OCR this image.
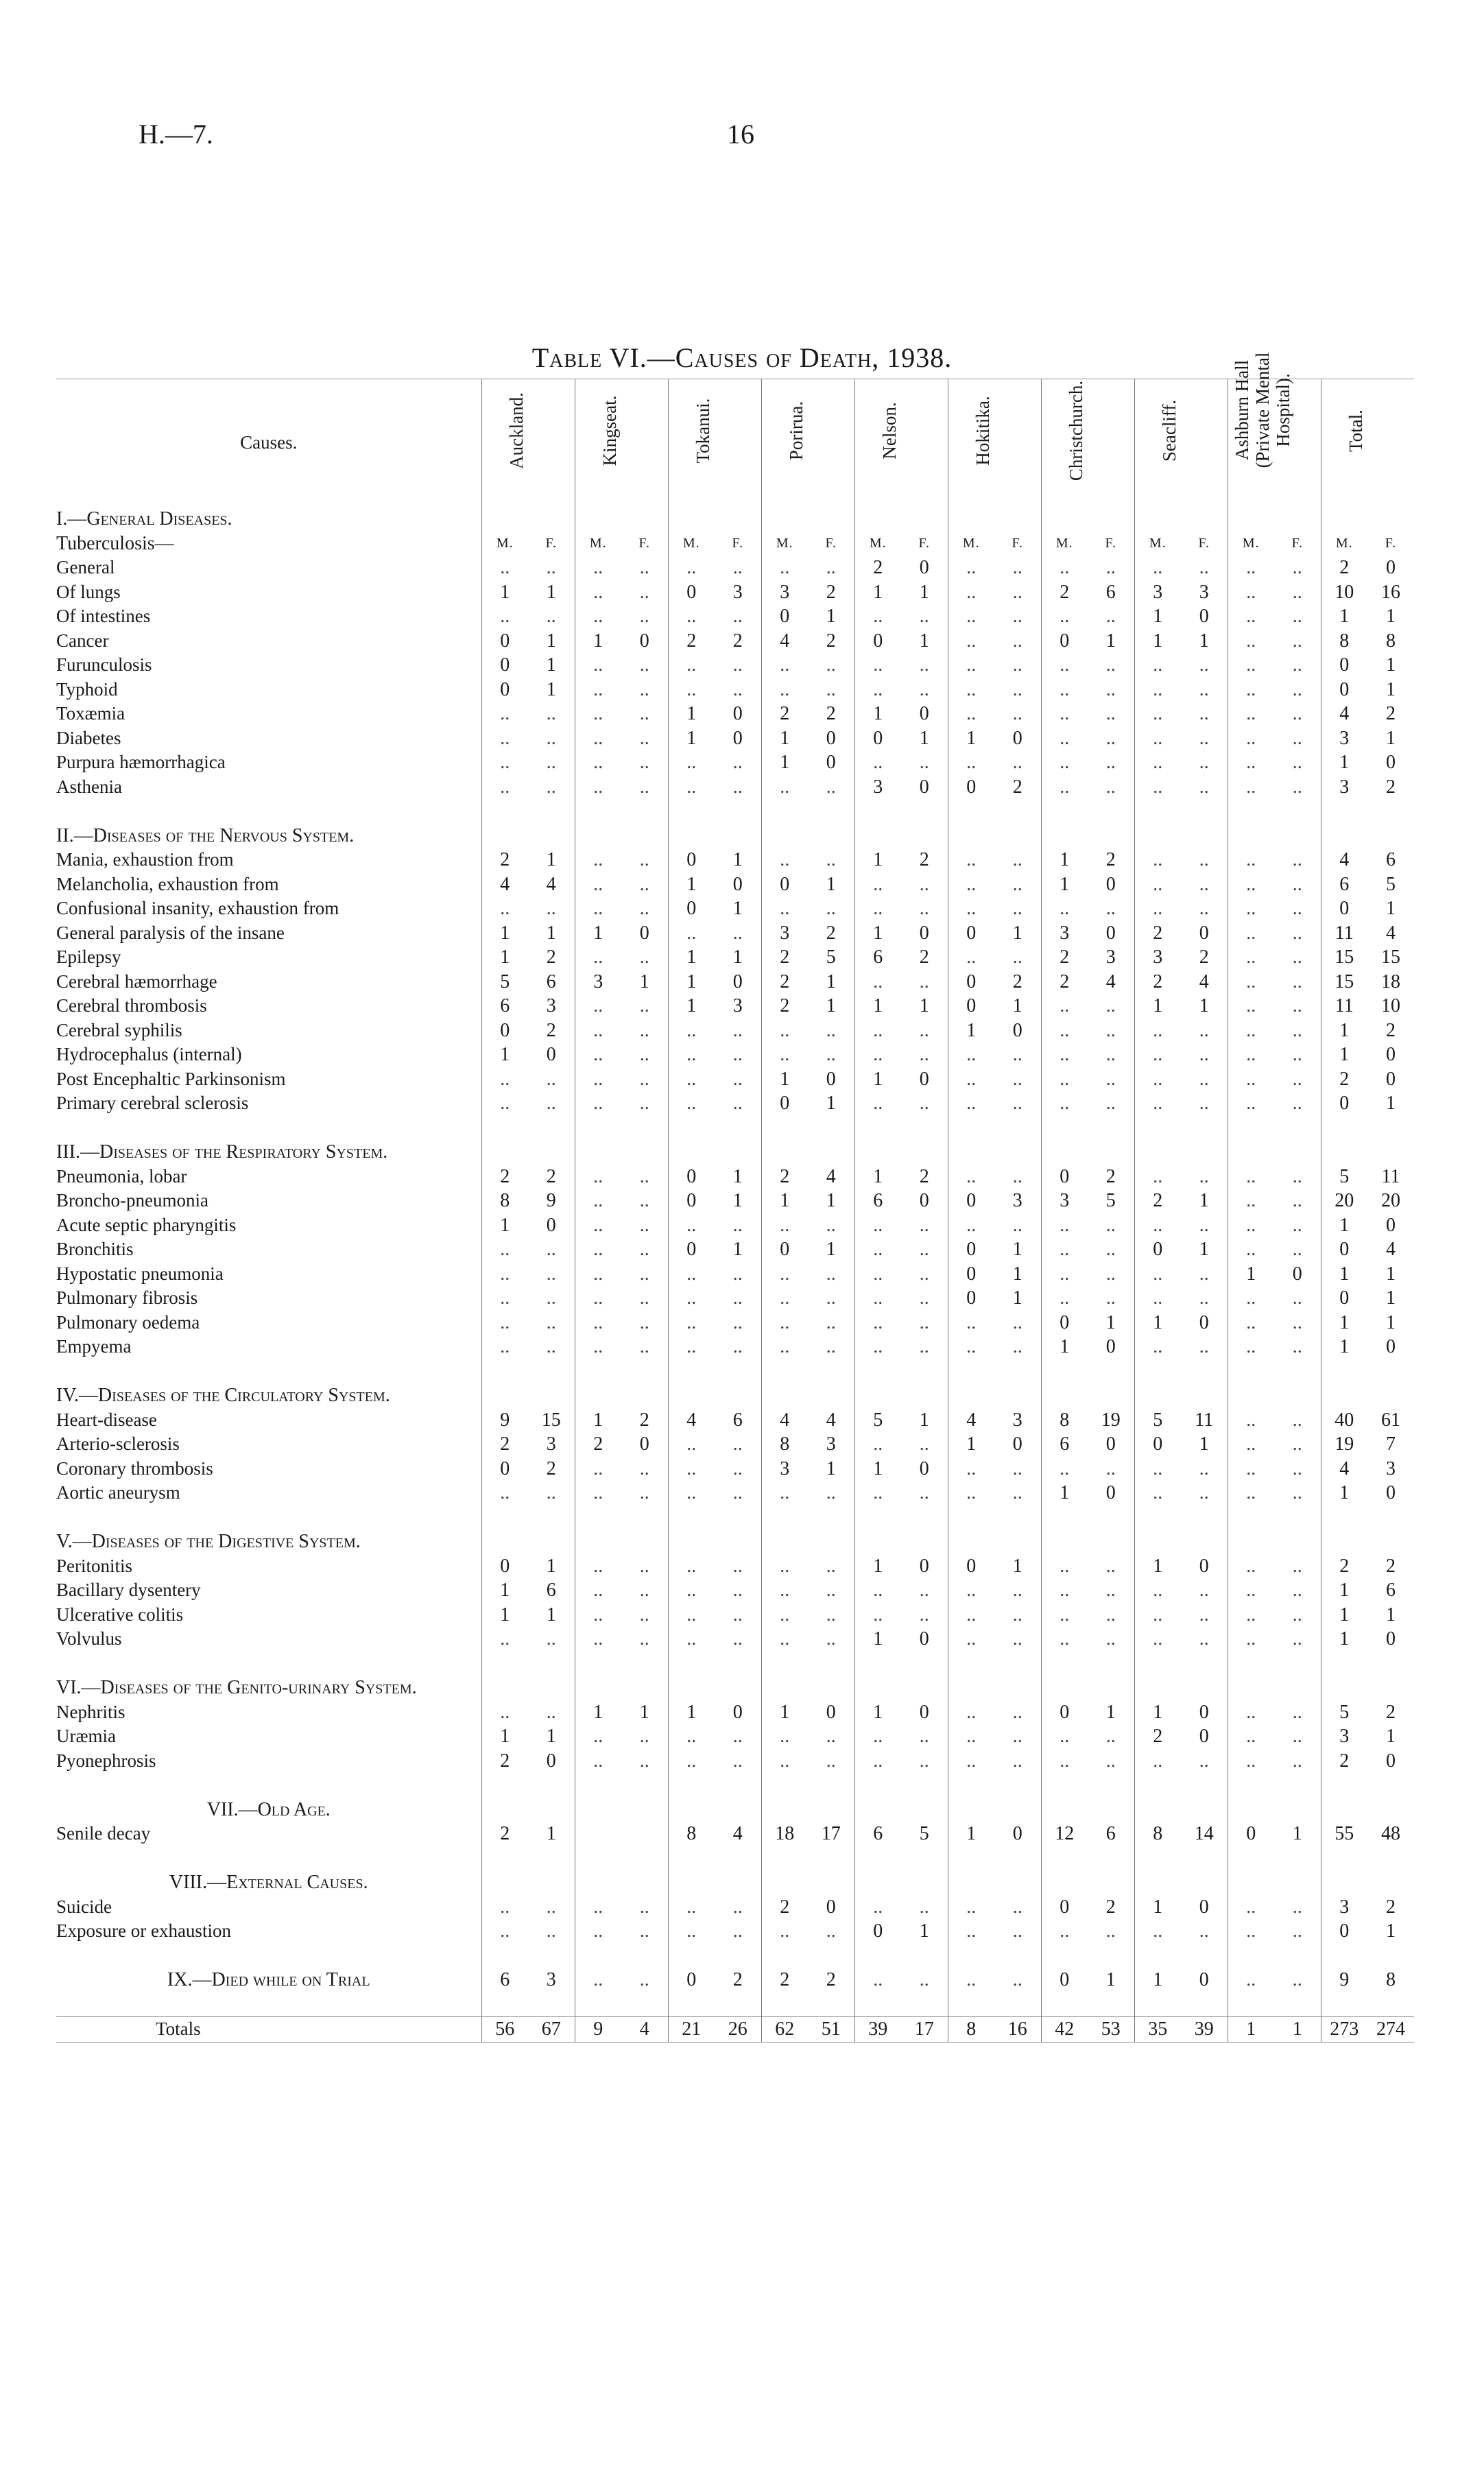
H.—7.	16
Table VI.—Causes of Death, 1938.
Causes.	Auckland.		Kingseat.		Tokanui.		Porirua.		Nelson.		Hokitika.		Christchurch.		Seacliff.		Ashburn Hall (Private Mental Hospital).		Total.	
I.—General Diseases.																				
Tuberculosis—	M.	F.	M.	F.	M.	F.	M.	F.	M.	F.	M.	F.	M.	F.	M.	F.	M.	F.	M.	F.
General	..	..	..	..	..	..	..	..	2	0	..	..	..	..	..	..	..	..	2	0
Of lungs	1	1	..	..	0	3	3	2	1	1	..	..	2	6	3	3	..	..	10	16
Of intestines	..	..	..	..	..	..	0	1	..	..	..	..	..	..	1	0	..	..	1	1
Cancer	0	1	1	0	2	2	4	2	0	1	..	..	0	1	1	1	..	..	8	8
Furunculosis	0	1	..	..	..	..	..	..	..	..	..	..	..	..	..	..	..	..	0	1
Typhoid	0	1	..	..	..	..	..	..	..	..	..	..	..	..	..	..	..	..	0	1
Toxæmia	..	..	..	..	1	0	2	2	1	0	..	..	..	..	..	..	..	..	4	2
Diabetes	..	..	..	..	1	0	1	0	0	1	1	0	..	..	..	..	..	..	3	1
Purpura hæmorrhagica	..	..	..	..	..	..	1	0	..	..	..	..	..	..	..	..	..	..	1	0
Asthenia	..	..	..	..	..	..	..	..	3	0	0	2	..	..	..	..	..	..	3	2

II.—Diseases of the Nervous System.																				
Mania, exhaustion from	2	1	..	..	0	1	..	..	1	2	..	..	1	2	..	..	..	..	4	6
Melancholia, exhaustion from	4	4	..	..	1	0	0	1	..	..	..	..	1	0	..	..	..	..	6	5
Confusional insanity, exhaustion from	..	..	..	..	0	1	..	..	..	..	..	..	..	..	..	..	..	..	0	1
General paralysis of the insane	1	1	1	0	..	..	3	2	1	0	0	1	3	0	2	0	..	..	11	4
Epilepsy	1	2	..	..	1	1	2	5	6	2	..	..	2	3	3	2	..	..	15	15
Cerebral hæmorrhage	5	6	3	1	1	0	2	1	..	..	0	2	2	4	2	4	..	..	15	18
Cerebral thrombosis	6	3	..	..	1	3	2	1	1	1	0	1	..	..	1	1	..	..	11	10
Cerebral syphilis	0	2	..	..	..	..	..	..	..	..	1	0	..	..	..	..	..	..	1	2
Hydrocephalus (internal)	1	0	..	..	..	..	..	..	..	..	..	..	..	..	..	..	..	..	1	0
Post Encephaltic Parkinsonism	..	..	..	..	..	..	1	0	1	0	..	..	..	..	..	..	..	..	2	0
Primary cerebral sclerosis	..	..	..	..	..	..	0	1	..	..	..	..	..	..	..	..	..	..	0	1

III.—Diseases of the Respiratory System.																				
Pneumonia, lobar	2	2	..	..	0	1	2	4	1	2	..	..	0	2	..	..	..	..	5	11
Broncho-pneumonia	8	9	..	..	0	1	1	1	6	0	0	3	3	5	2	1	..	..	20	20
Acute septic pharyngitis	1	0	..	..	..	..	..	..	..	..	..	..	..	..	..	..	..	..	1	0
Bronchitis	..	..	..	..	0	1	0	1	..	..	0	1	..	..	0	1	..	..	0	4
Hypostatic pneumonia	..	..	..	..	..	..	..	..	..	..	0	1	..	..	..	..	1	0	1	1
Pulmonary fibrosis	..	..	..	..	..	..	..	..	..	..	0	1	..	..	..	..	..	..	0	1
Pulmonary oedema	..	..	..	..	..	..	..	..	..	..	..	..	0	1	1	0	..	..	1	1
Empyema	..	..	..	..	..	..	..	..	..	..	..	..	1	0	..	..	..	..	1	0

IV.—Diseases of the Circulatory System.																				
Heart-disease	9	15	1	2	4	6	4	4	5	1	4	3	8	19	5	11	..	..	40	61
Arterio-sclerosis	2	3	2	0	..	..	8	3	..	..	1	0	6	0	0	1	..	..	19	7
Coronary thrombosis	0	2	..	..	..	..	3	1	1	0	..	..	..	..	..	..	..	..	4	3
Aortic aneurysm	..	..	..	..	..	..	..	..	..	..	..	..	1	0	..	..	..	..	1	0

V.—Diseases of the Digestive System.																				
Peritonitis	0	1	..	..	..	..	..	..	1	0	0	1	..	..	1	0	..	..	2	2
Bacillary dysentery	1	6	..	..	..	..	..	..	..	..	..	..	..	..	..	..	..	..	1	6
Ulcerative colitis	1	1	..	..	..	..	..	..	..	..	..	..	..	..	..	..	..	..	1	1
Volvulus	..	..	..	..	..	..	..	..	1	0	..	..	..	..	..	..	..	..	1	0

VI.—Diseases of the Genito-urinary System.																				
Nephritis	..	..	1	1	1	0	1	0	1	0	..	..	0	1	1	0	..	..	5	2
Uræmia	1	1	..	..	..	..	..	..	..	..	..	..	..	..	2	0	..	..	3	1
Pyonephrosis	2	0	..	..	..	..	..	..	..	..	..	..	..	..	..	..	..	..	2	0

VII.—Old Age.																				
Senile decay	2	1			8	4	18	17	6	5	1	0	12	6	8	14	0	1	55	48

VIII.—External Causes.																				
Suicide	..	..	..	..	..	..	2	0	..	..	..	..	0	2	1	0	..	..	3	2
Exposure or exhaustion	..	..	..	..	..	..	..	..	0	1	..	..	..	..	..	..	..	..	0	1

IX.—Died while on Trial	6	3	..	..	0	2	2	2	..	..	..	..	0	1	1	0	..	..	9	8

Totals	56	67	9	4	21	26	62	51	39	17	8	16	42	53	35	39	1	1	273	274
